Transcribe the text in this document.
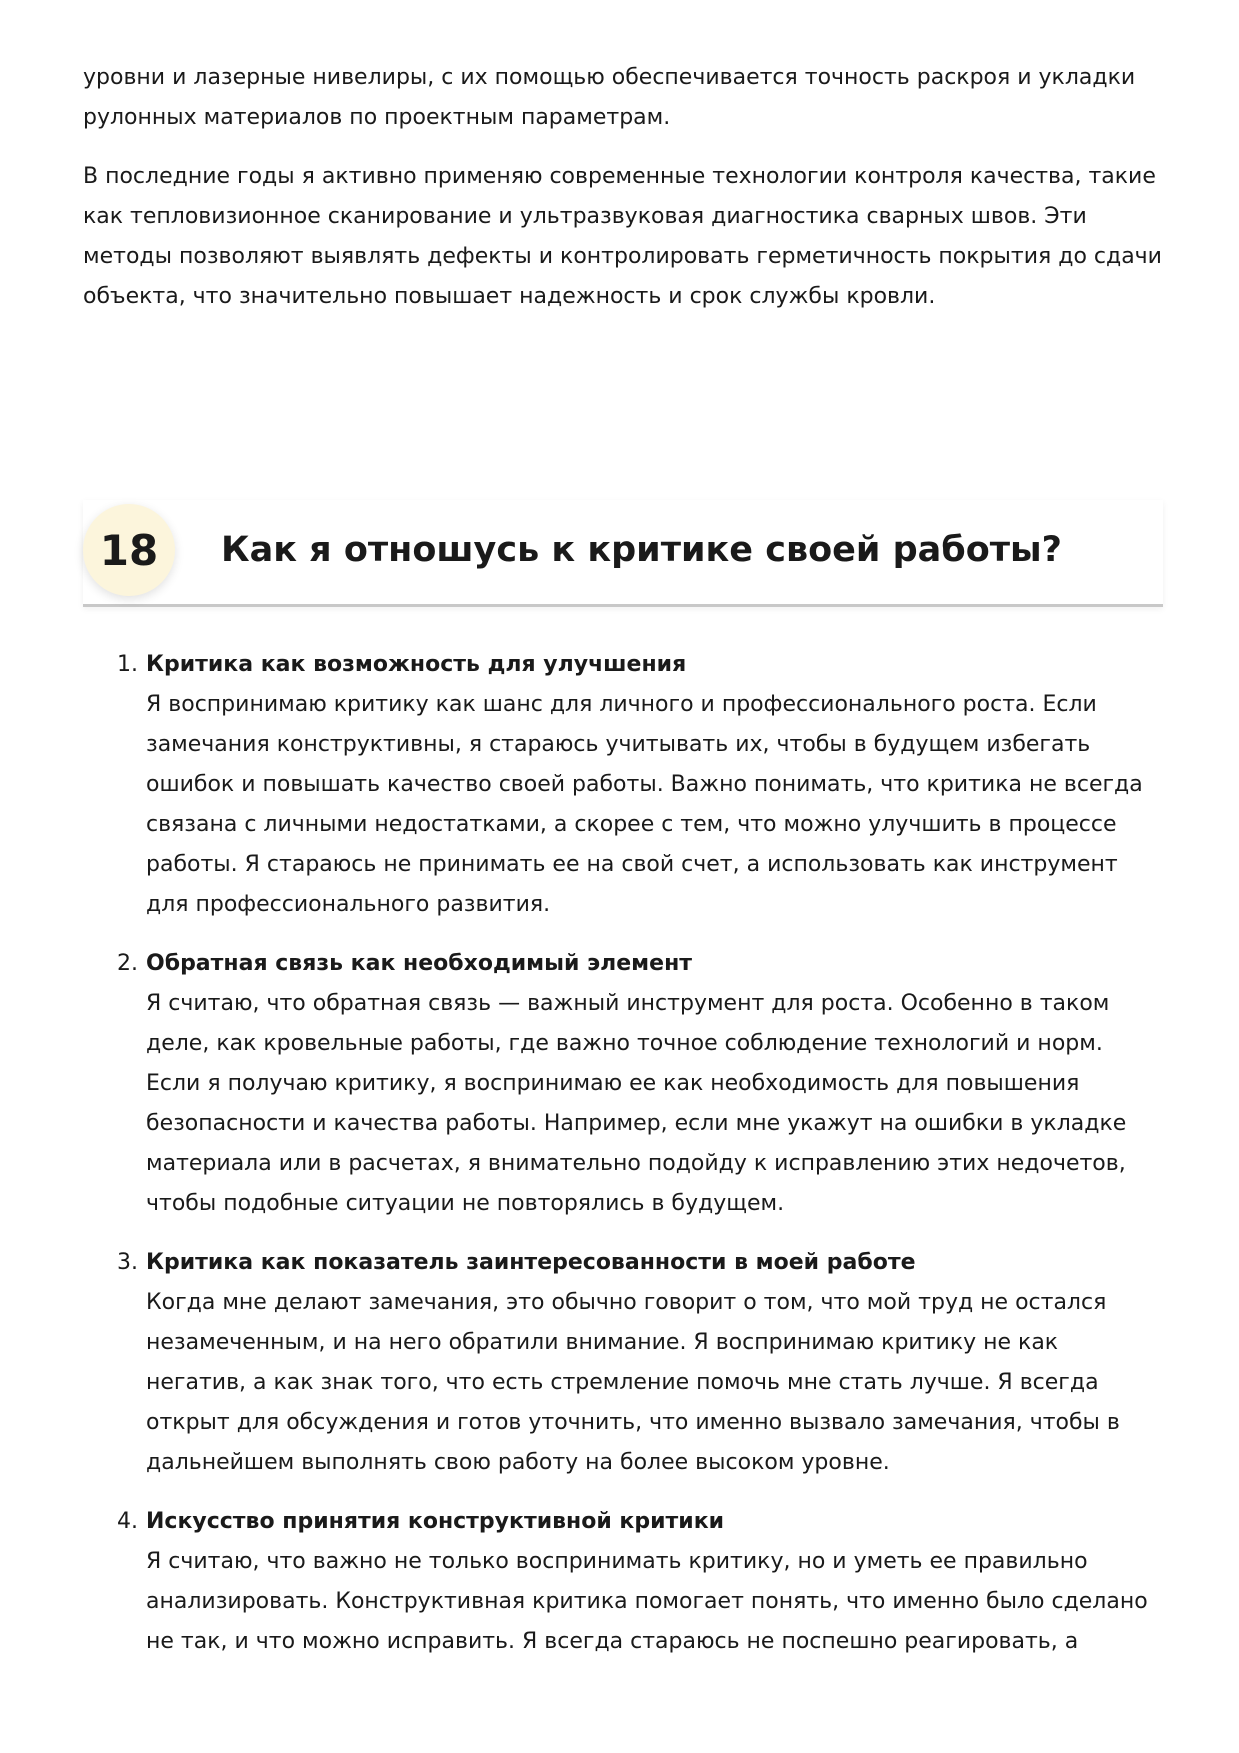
уровни и лазерные нивелиры, с их помощью обеспечивается точность раскроя и укладки рулонных материалов по проектным параметрам.

В последние годы я активно применяю современные технологии контроля качества, такие как тепловизионное сканирование и ультразвуковая диагностика сварных швов. Эти методы позволяют выявлять дефекты и контролировать герметичность покрытия до сдачи объекта, что значительно повышает надежность и срок службы кровли.

18	Как я отношусь к критике своей работы?
1. Критика как возможность для улучшения
Я воспринимаю критику как шанс для личного и профессионального роста. Если замечания конструктивны, я стараюсь учитывать их, чтобы в будущем избегать ошибок и повышать качество своей работы. Важно понимать, что критика не всегда связана с личными недостатками, а скорее с тем, что можно улучшить в процессе работы. Я стараюсь не принимать ее на свой счет, а использовать как инструмент для профессионального развития.
2. Обратная связь как необходимый элемент
Я считаю, что обратная связь — важный инструмент для роста. Особенно в таком деле, как кровельные работы, где важно точное соблюдение технологий и норм. Если я получаю критику, я воспринимаю ее как необходимость для повышения безопасности и качества работы. Например, если мне укажут на ошибки в укладке материала или в расчетах, я внимательно подойду к исправлению этих недочетов, чтобы подобные ситуации не повторялись в будущем.
3. Критика как показатель заинтересованности в моей работе
Когда мне делают замечания, это обычно говорит о том, что мой труд не остался незамеченным, и на него обратили внимание. Я воспринимаю критику не как негатив, а как знак того, что есть стремление помочь мне стать лучше. Я всегда открыт для обсуждения и готов уточнить, что именно вызвало замечания, чтобы в дальнейшем выполнять свою работу на более высоком уровне.
4. Искусство принятия конструктивной критики
Я считаю, что важно не только воспринимать критику, но и уметь ее правильно анализировать. Конструктивная критика помогает понять, что именно было сделано не так, и что можно исправить. Я всегда стараюсь не поспешно реагировать, а
